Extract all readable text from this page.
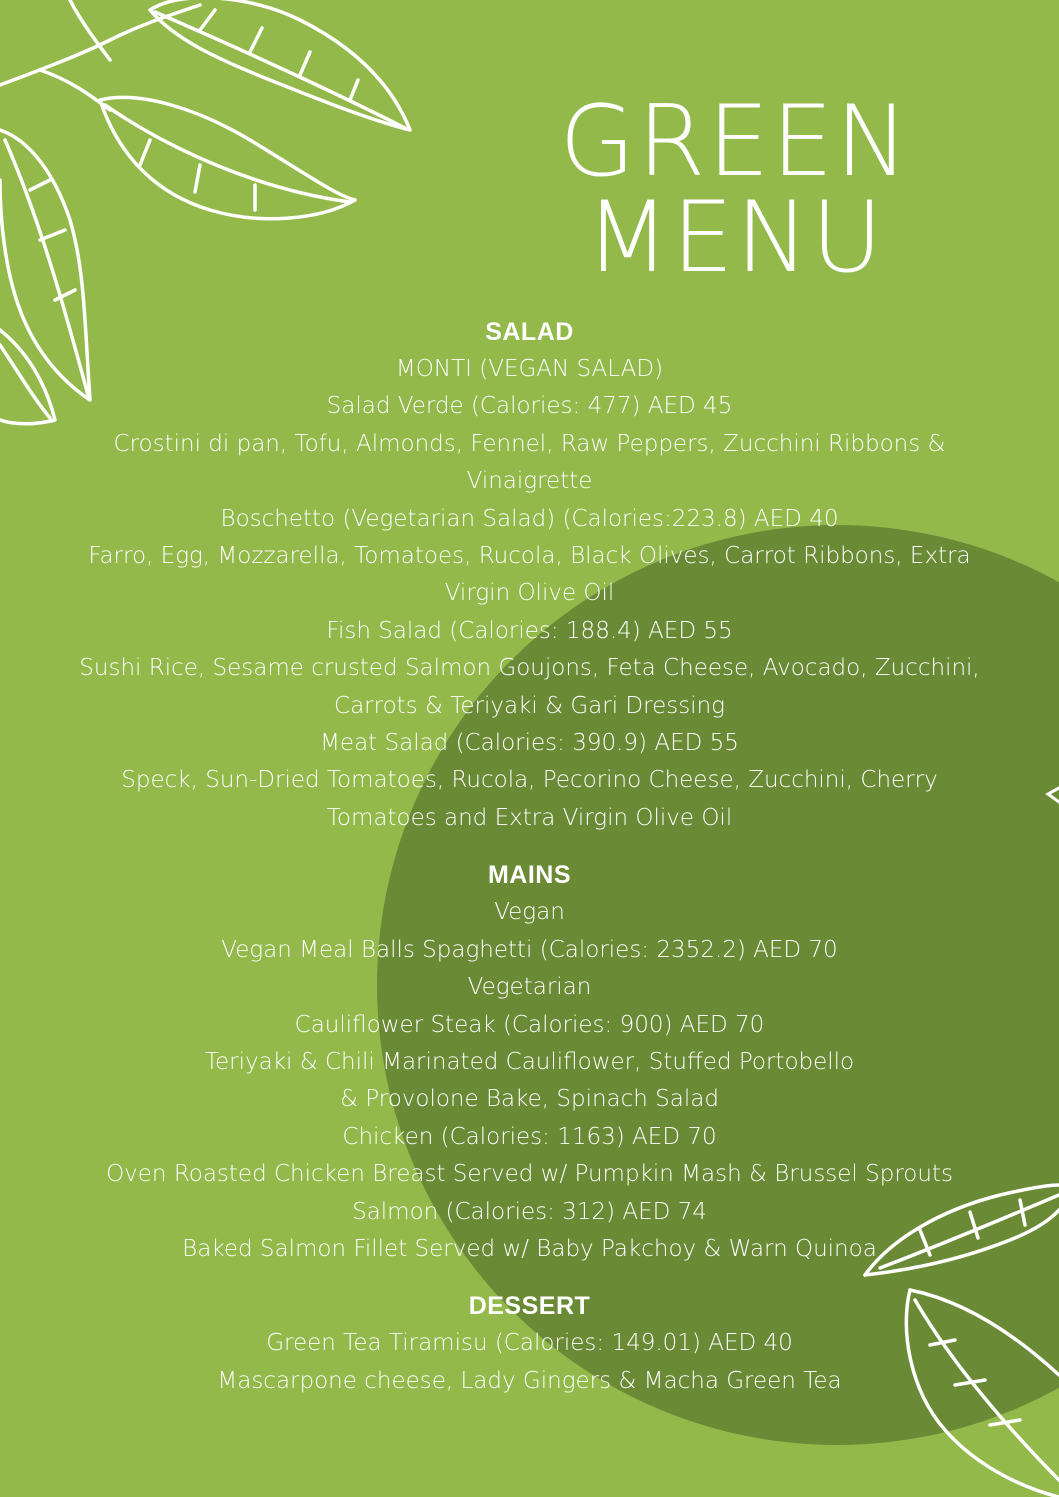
GREEN
MENU
SALAD
MONTI (VEGAN SALAD)
Salad Verde (Calories: 477) AED 45
Crostini di pan, Tofu, Almonds, Fennel, Raw Peppers, Zucchini Ribbons &
Vinaigrette
Boschetto (Vegetarian Salad) (Calories:223.8) AED 40
Farro, Egg, Mozzarella, Tomatoes, Rucola, Black Olives, Carrot Ribbons, Extra
Virgin Olive Oil
Fish Salad (Calories: 188.4) AED 55
Sushi Rice, Sesame crusted Salmon Goujons, Feta Cheese, Avocado, Zucchini,
Carrots & Teriyaki & Gari Dressing
Meat Salad (Calories: 390.9) AED 55
Speck, Sun-Dried Tomatoes, Rucola, Pecorino Cheese, Zucchini, Cherry
Tomatoes and Extra Virgin Olive Oil
MAINS
Vegan
Vegan Meal Balls Spaghetti (Calories: 2352.2) AED 70
Vegetarian
Cauliflower Steak (Calories: 900) AED 70
Teriyaki & Chili Marinated Cauliflower, Stuffed Portobello
& Provolone Bake, Spinach Salad
Chicken (Calories: 1163) AED 70
Oven Roasted Chicken Breast Served w/ Pumpkin Mash & Brussel Sprouts
Salmon (Calories: 312) AED 74
Baked Salmon Fillet Served w/ Baby Pakchoy & Warn Quinoa
DESSERT
Green Tea Tiramisu (Calories: 149.01) AED 40
Mascarpone cheese, Lady Gingers & Macha Green Tea
